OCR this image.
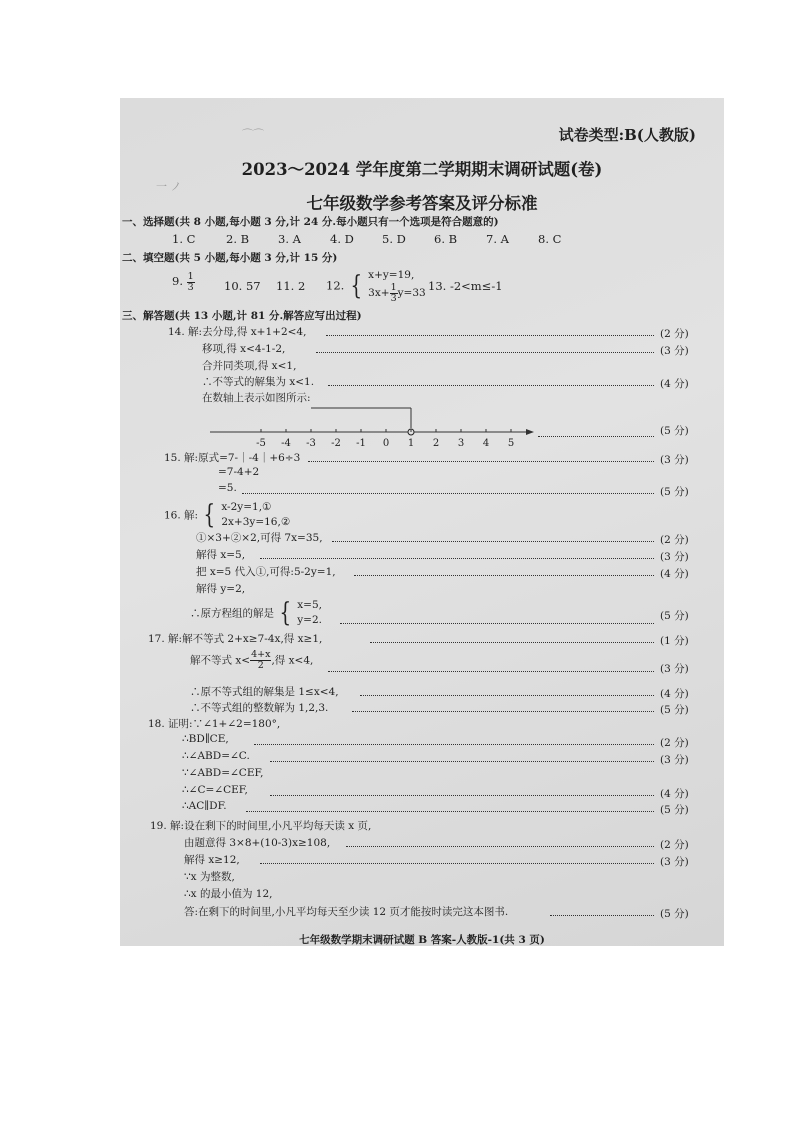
⌒⌒
一 ノ
试卷类型:B(人教版)
2023～2024 学年度第二学期期末调研试题(卷)
七年级数学参考答案及评分标准
一、选择题(共 8 小题,每小题 3 分,计 24 分.每小题只有一个选项是符合题意的)
1. C	2. B	3. A	4. D 5. D 6. B	7. A	8. C
二、填空题(共 5 小题,每小题 3 分,计 15 分)
9. $\frac{1}{3}$	10. 57 11. 2 12. { x+y=19,
$3x+ \frac{1}{3} y=33$ 13. -2<m≤-1
三、解答题(共 13 小题,计 81 分.解答应写出过程)
14. 解:去分母,得 x+1+2<4,	(2 分)
移项,得 x<4-1-2,	(3 分)
合并同类项,得 x<1,
∴不等式的解集为 x<1.	(4 分)
在数轴上表示如图所示:
-5 -4 -3 -2 -1 0 1 2 3 4 5
(5 分)
15. 解:原式=7-｜-4｜+6÷3	(3 分)
=7-4+2
=5.	(5 分)
16. 解: { x-2y=1,①
2x+3y=16,②
①×3+②×2,可得 7x=35,	(2 分)
解得 x=5,	(3 分)
把 x=5 代入①,可得:5-2y=1,	(4 分)
解得 y=2,
∴原方程组的解是 { x=5,
y=2.	(5 分)
17. 解:解不等式 2+x≥7-4x,得 x≥1,	(1 分)
解不等式 $x< \frac{4+x}{2}$ ,得 x<4,
(3 分)
∴原不等式组的解集是 1≤x<4,	(4 分)
∴不等式组的整数解为 1,2,3.	(5 分)
18. 证明:∵∠1+∠2=180°,
∴BD∥CE,	(2 分)
∴∠ABD=∠C.	(3 分)
∵∠ABD=∠CEF,
∴∠C=∠CEF,	(4 分)
∴AC∥DF.	(5 分)
19. 解:设在剩下的时间里,小凡平均每天读 x 页,
由题意得 3×8+(10-3)x≥108,	(2 分)
解得 x≥12,	(3 分)
∵x 为整数,
∴x 的最小值为 12,
答:在剩下的时间里,小凡平均每天至少读 12 页才能按时读完这本图书.	(5 分)
七年级数学期末调研试题 B 答案-人教版-1(共 3 页)
